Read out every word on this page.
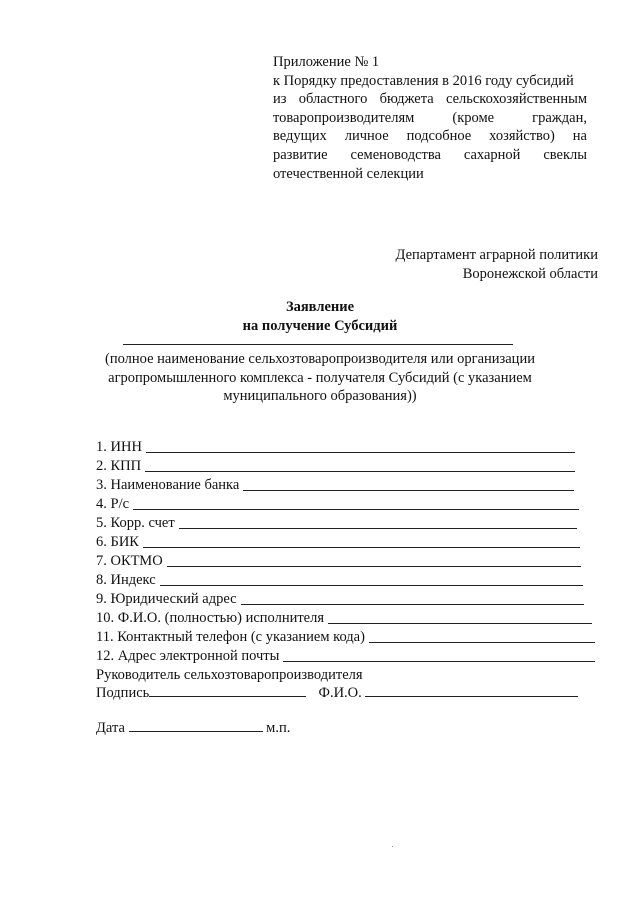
Приложение № 1
к Порядку предоставления в 2016 году субсидий
из областного бюджета сельскохозяйственным
товаропроизводителям (кроме граждан,
ведущих личное подсобное хозяйство) на
развитие семеноводства сахарной свеклы
отечественной селекции
Департамент аграрной политики
Воронежской области
Заявление
на получение Субсидий
(полное наименование сельхозтоваропроизводителя или организации
агропромышленного комплекса - получателя Субсидий (с указанием
муниципального образования))
1. ИНН
2. КПП
3. Наименование банка
4. Р/с
5. Корр. счет
6. БИК
7. ОКТМО
8. Индекс
9. Юридический адрес
10. Ф.И.О. (полностью) исполнителя
11. Контактный телефон (с указанием кода)
12. Адрес электронной почты
Руководитель сельхозтоваропроизводителя
Подпись	Ф.И.О.
Дата	м.п.
